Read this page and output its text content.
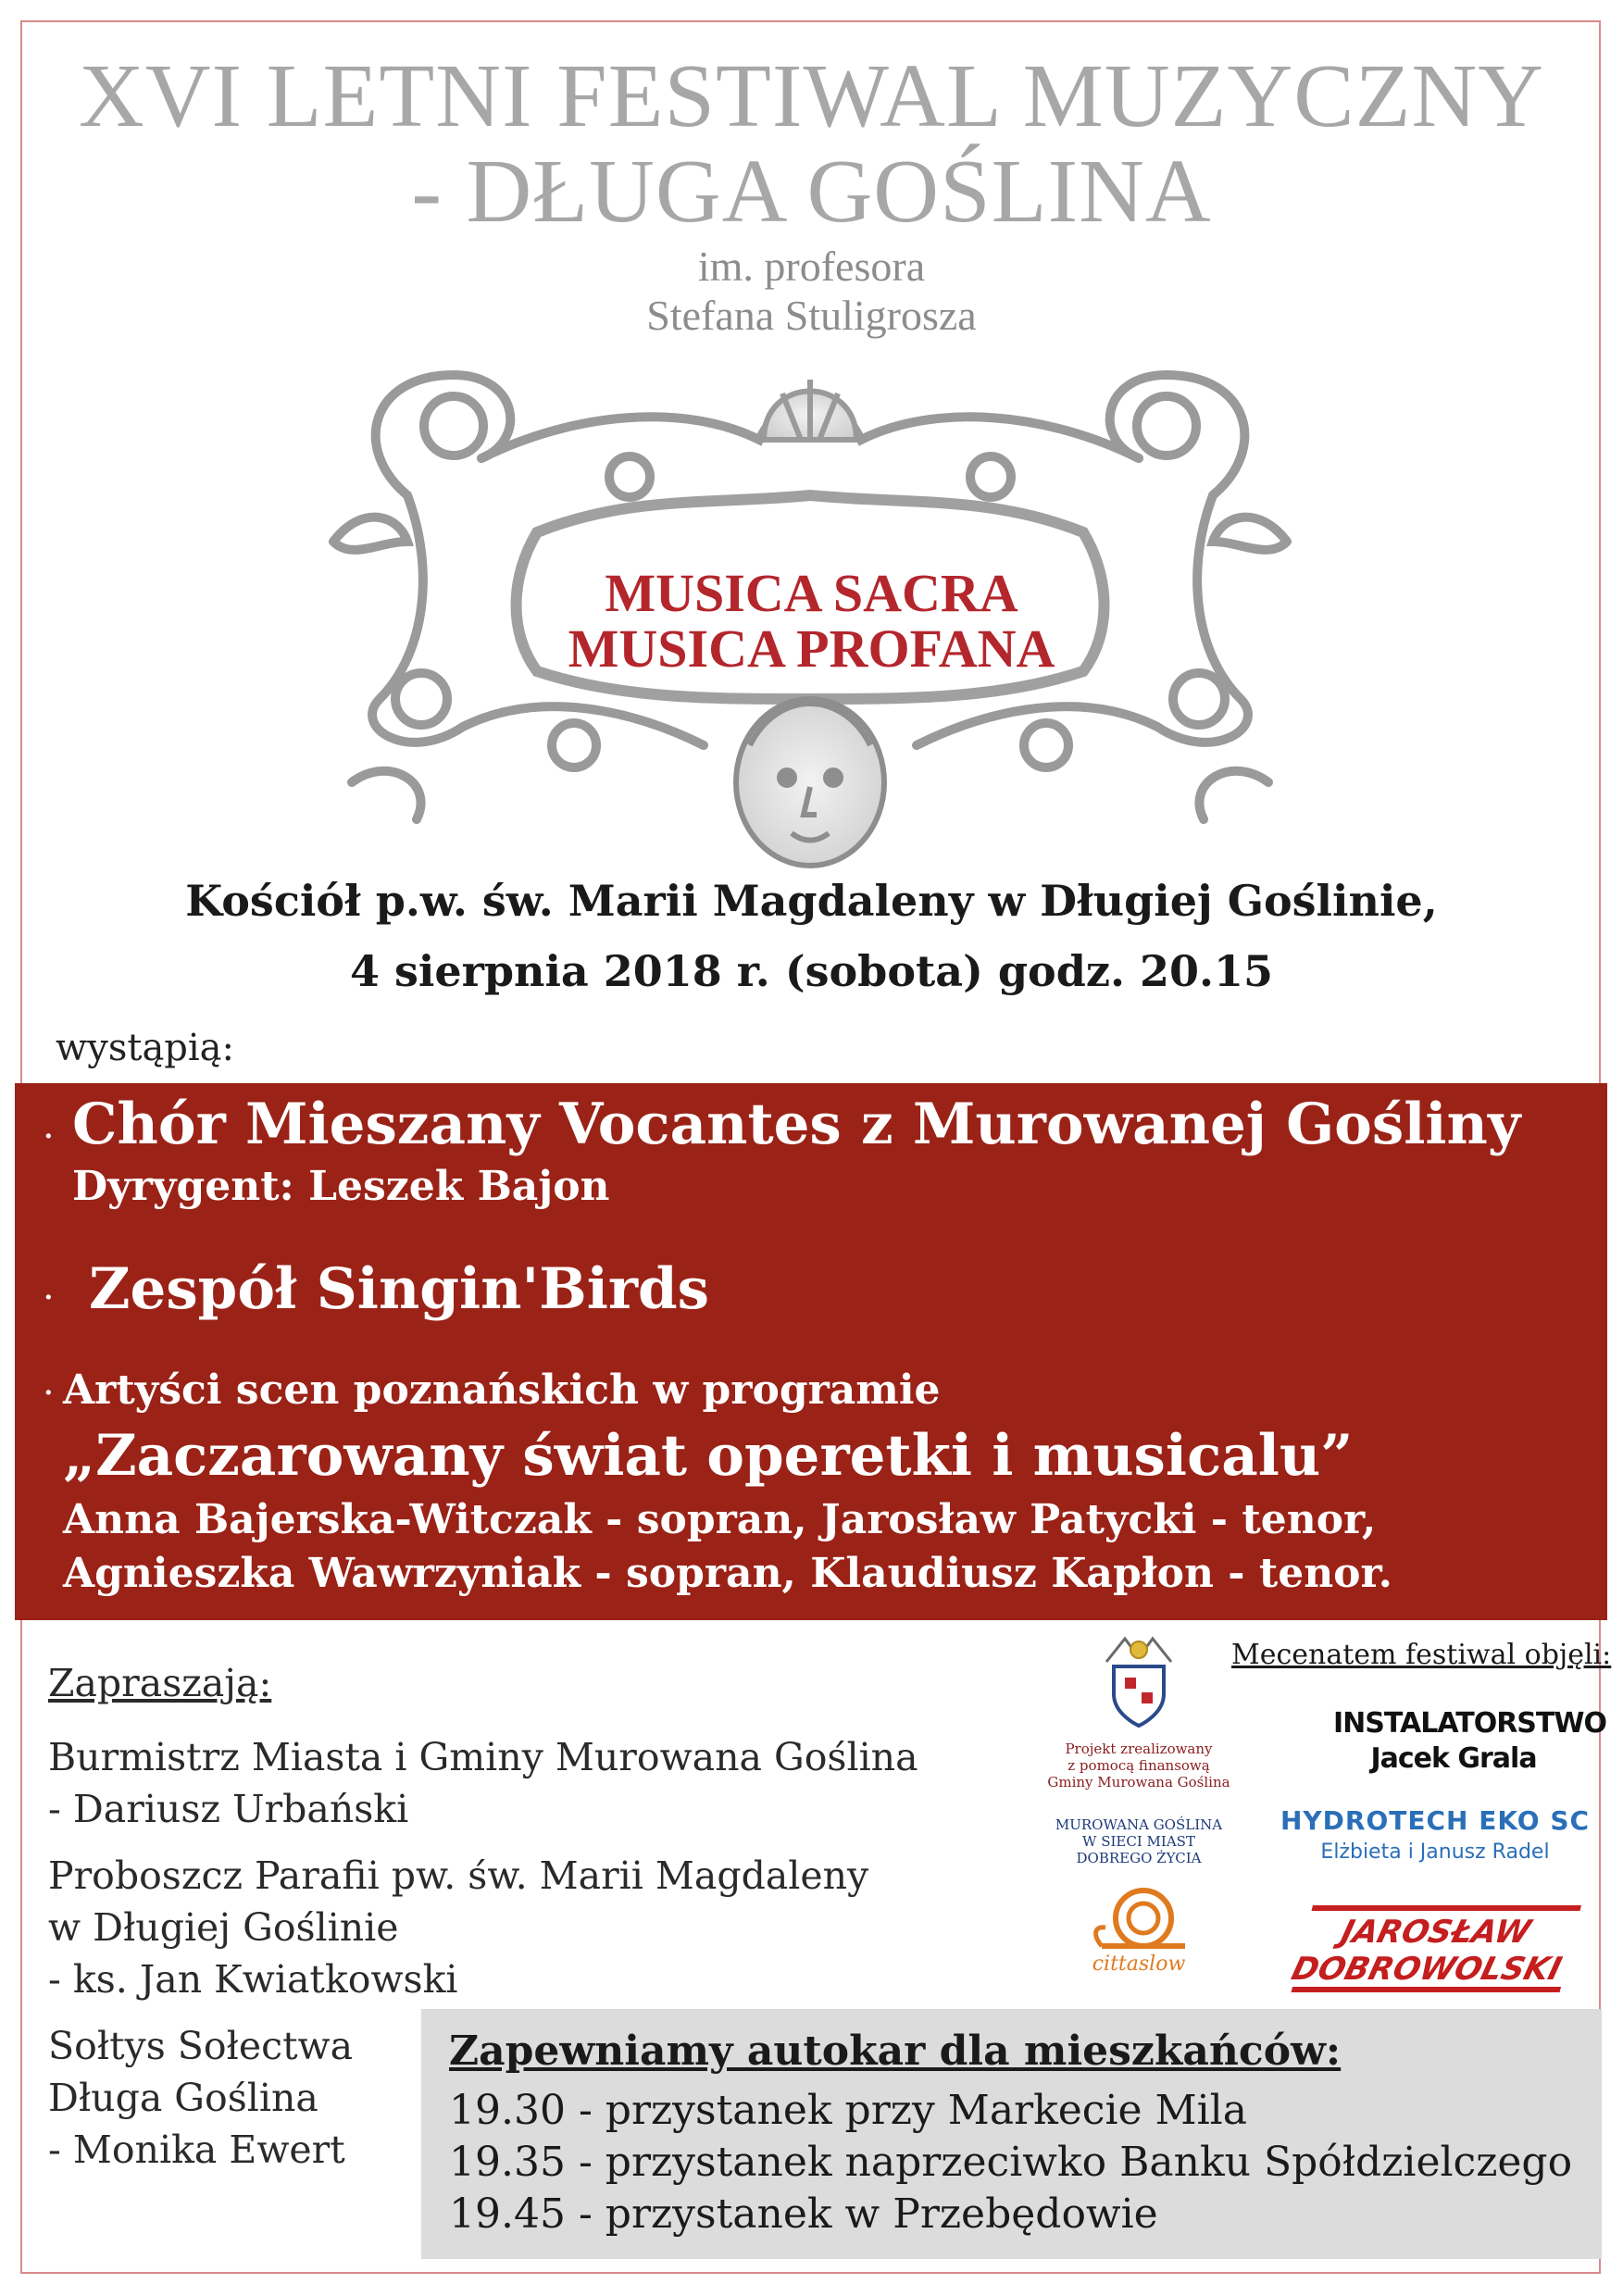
XVI LETNI FESTIWAL MUZYCZNY
- DŁUGA GOŚLINA
im. profesora
Stefana Stuligrosza
MUSICA SACRA
MUSICA PROFANA
Kościół p.w. św. Marii Magdaleny w Długiej Goślinie,
4 sierpnia 2018 r. (sobota) godz. 20.15
wystąpią:
· Chór Mieszany Vocantes z Murowanej Gośliny
Dyrygent: Leszek Bajon
· Zespół Singin'Birds
· Artyści scen poznańskich w programie
„Zaczarowany świat operetki i musicalu”
Anna Bajerska-Witczak - sopran, Jarosław Patycki - tenor,
Agnieszka Wawrzyniak - sopran, Klaudiusz Kapłon - tenor.
Zapraszają:
Burmistrz Miasta i Gminy Murowana Goślina
- Dariusz Urbański
Proboszcz Parafii pw. św. Marii Magdaleny
w Długiej Goślinie
- ks. Jan Kwiatkowski
Sołtys Sołectwa
Długa Goślina
- Monika Ewert
Projekt zrealizowany
z pomocą finansową
Gminy Murowana Goślina
MUROWANA GOŚLINA
W SIECI MIAST
DOBREGO ŻYCIA
cittaslow
Mecenatem festiwal objęli:
INSTALATORSTWO
Jacek Grala
HYDROTECH EKO SC
Elżbieta i Janusz Radel
JAROSŁAW
DOBROWOLSKI
Zapewniamy autokar dla mieszkańców:
19.30 - przystanek przy Markecie Mila
19.35 - przystanek naprzeciwko Banku Spółdzielczego
19.45 - przystanek w Przebędowie
